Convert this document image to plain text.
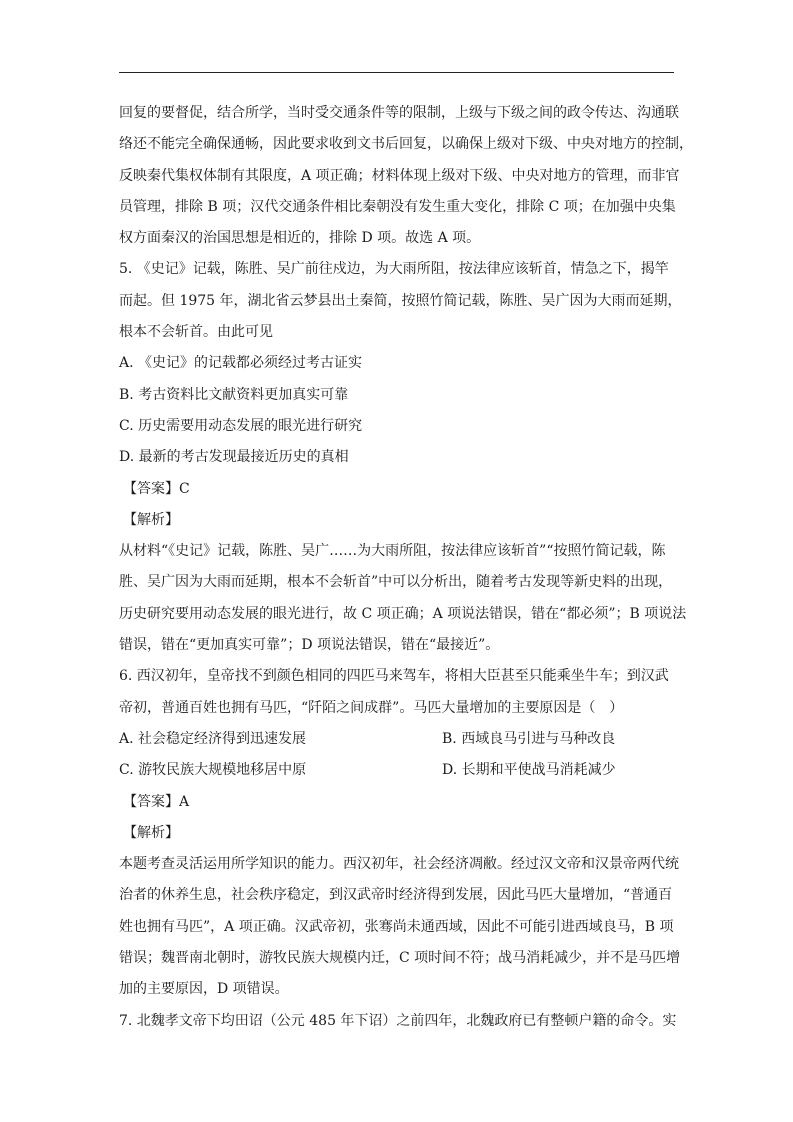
回复的要督促，结合所学，当时受交通条件等的限制，上级与下级之间的政令传达、沟通联
络还不能完全确保通畅，因此要求收到文书后回复，以确保上级对下级、中央对地方的控制，
反映秦代集权体制有其限度，A 项正确；材料体现上级对下级、中央对地方的管理，而非官
员管理，排除 B 项；汉代交通条件相比秦朝没有发生重大变化，排除 C 项；在加强中央集
权方面秦汉的治国思想是相近的，排除 D 项。故选 A 项。
5. 《史记》记载，陈胜、吴广前往戍边，为大雨所阻，按法律应该斩首，情急之下，揭竿
而起。但 1975 年，湖北省云梦县出土秦简，按照竹简记载，陈胜、吴广因为大雨而延期，
根本不会斩首。由此可见
A. 《史记》的记载都必须经过考古证实
B. 考古资料比文献资料更加真实可靠
C. 历史需要用动态发展的眼光进行研究
D. 最新的考古发现最接近历史的真相
【答案】C
【解析】
从材料“《史记》记载，陈胜、吴广……为大雨所阻，按法律应该斩首”“按照竹简记载，陈
胜、吴广因为大雨而延期，根本不会斩首”中可以分析出，随着考古发现等新史料的出现，
历史研究要用动态发展的眼光进行，故 C 项正确；A 项说法错误，错在“都必须”；B 项说法
错误，错在“更加真实可靠”；D 项说法错误，错在“最接近”。
6. 西汉初年，皇帝找不到颜色相同的四匹马来驾车，将相大臣甚至只能乘坐牛车；到汉武
帝初，普通百姓也拥有马匹，“阡陌之间成群”。马匹大量增加的主要原因是（　）
A. 社会稳定经济得到迅速发展	B. 西域良马引进与马种改良
C. 游牧民族大规模地移居中原	D. 长期和平使战马消耗减少
【答案】A
【解析】
本题考查灵活运用所学知识的能力。西汉初年，社会经济凋敝。经过汉文帝和汉景帝两代统
治者的休养生息，社会秩序稳定，到汉武帝时经济得到发展，因此马匹大量增加，“普通百
姓也拥有马匹”，A 项正确。汉武帝初，张骞尚未通西域，因此不可能引进西域良马，B 项
错误；魏晋南北朝时，游牧民族大规模内迁，C 项时间不符；战马消耗减少，并不是马匹增
加的主要原因，D 项错误。
7. 北魏孝文帝下均田诏（公元 485 年下诏）之前四年，北魏政府已有整顿户籍的命令。实
